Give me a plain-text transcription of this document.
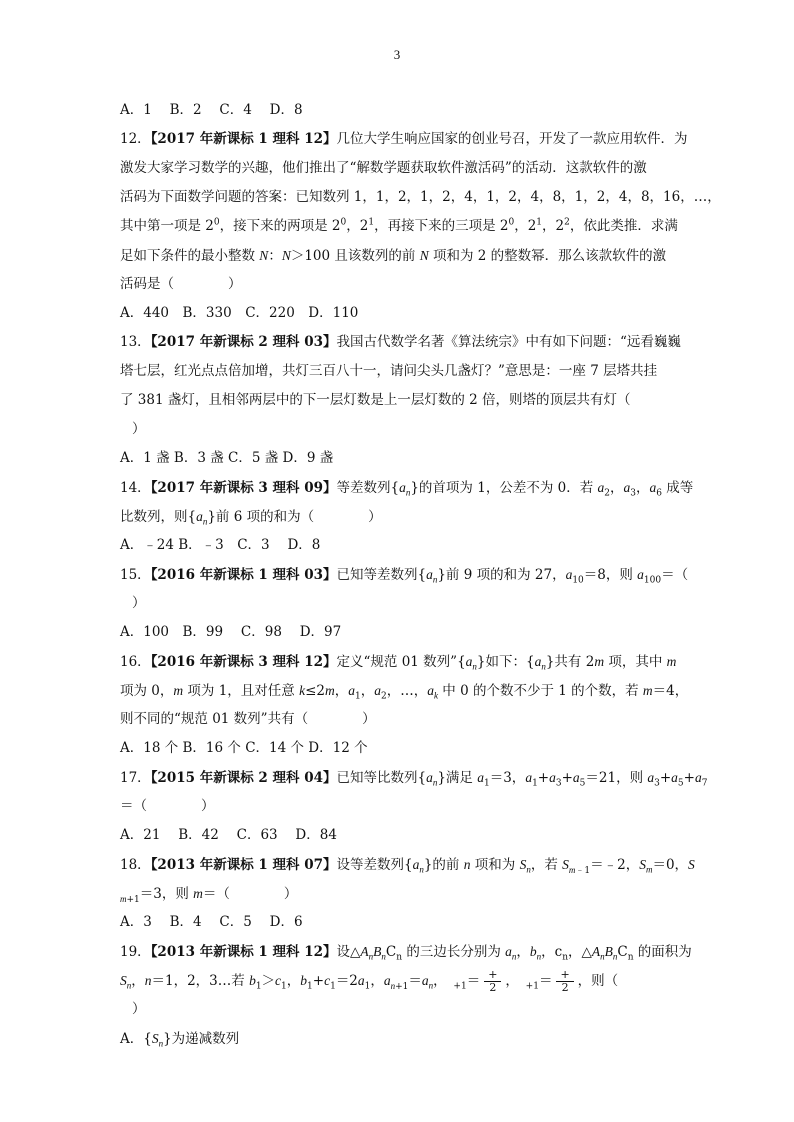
3
A．1　 B．2　 C．4　 D．8
12．【2017 年新课标 1 理科 12】几位大学生响应国家的创业号召，开发了一款应用软件．为
激发大家学习数学的兴趣，他们推出了“解数学题获取软件激活码”的活动．这款软件的激
活码为下面数学问题的答案：已知数列 1，1，2，1，2，4，1，2，4，8，1，2，4，8，16，…，
其中第一项是 $2^0$，接下来的两项是 $2^0$，$2^1$，再接下来的三项是 $2^0$，$2^1$，$2^2$，依此类推．求满
足如下条件的最小整数 N：N＞100 且该数列的前 N 项和为 2 的整数幂．那么该款软件的激
活码是（　　　　）
A．440　B．330　C．220　D．110
13．【2017 年新课标 2 理科 03】我国古代数学名著《算法统宗》中有如下问题：“远看巍巍
塔七层，红光点点倍加增，共灯三百八十一，请问尖头几盏灯？”意思是：一座 7 层塔共挂
了 381 盏灯，且相邻两层中的下一层灯数是上一层灯数的 2 倍，则塔的顶层共有灯（
）
A．1 盏 B．3 盏 C．5 盏 D．9 盏
14．【2017 年新课标 3 理科 09】等差数列$\{a_n\}$的首项为 1，公差不为 0．若 $a_2$，$a_3$，$a_6$ 成等
比数列，则$\{a_n\}$前 6 项的和为（　　　　）
A．﹣24 B．﹣3　C．3　 D．8
15．【2016 年新课标 1 理科 03】已知等差数列$\{a_n\}$前 9 项的和为 27，$a_{10}=8$，则 $a_{100}=$（
）
A．100　B．99　 C．98　 D．97
16．【2016 年新课标 3 理科 12】定义“规范 01 数列$”\{a_n\}$如下：$\{a_n\}$共有 2m 项，其中 m
项为 0，m 项为 1，且对任意 k≤2m，$a_1$，$a_2$，…，$a_k$ 中 0 的个数不少于 1 的个数，若 m＝4，
则不同的“规范 01 数列”共有（　　　　）
A．18 个 B．16 个 C．14 个 D．12 个
17．【2015 年新课标 2 理科 04】已知等比数列$\{a_n\}$满足 $a_1=3$，$a_1+a_3+a_5=21$，则 $a_3+a_5+a_7$
＝（　　　　）
A．21　 B．42　 C．63　 D．84
18．【2013 年新课标 1 理科 07】设等差数列$\{a_n\}$的前 n 项和为 $S_n$，若 $S_{m﹣1}=﹣2$，$S_m=0$，S
$_{m+1}$＝3，则 m＝（　　　　）
A．3　 B．4　 C．5　 D．6
19．【2013 年新课标 1 理科 12】设$\triangle A_nB_nC_n$ 的三边长分别为 $a_n$，$b_n$，$c_n$，$\triangle A_nB_nC_n$ 的面积为
$S_n$，n＝1，2，3…若 $b_1>c_1$，$b_1+c_1=2a_1$，$a_{n+1}=a_n$，　$_{+1}= \frac{+}{2}$ ，　$_{+1}= \frac{+}{2}$ ，则（
）
A．$\{S_n\}$为递减数列
